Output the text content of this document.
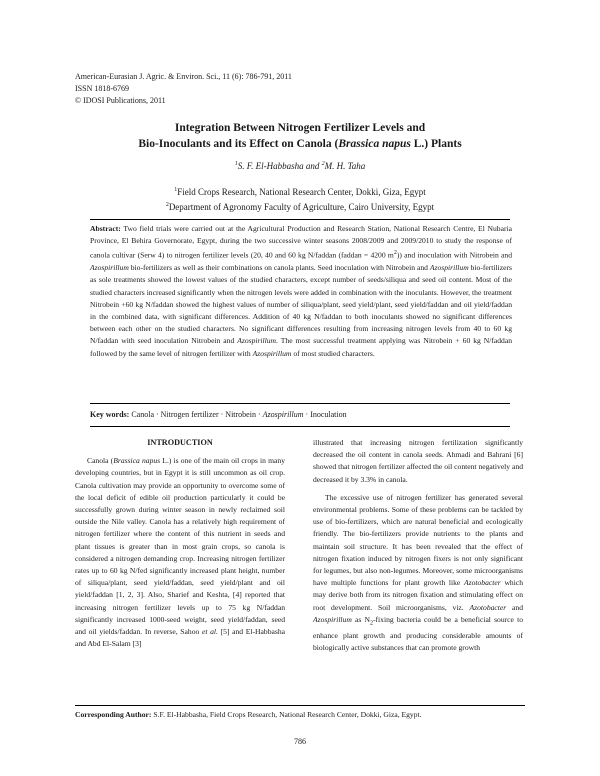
American-Eurasian J. Agric. & Environ. Sci., 11 (6): 786-791, 2011
ISSN 1818-6769
© IDOSI Publications, 2011
Integration Between Nitrogen Fertilizer Levels and
Bio-Inoculants and its Effect on Canola (Brassica napus L.) Plants
$^1$S. F. El-Habbasha and $^2$M. H. Taha
$^1$Field Crops Research, National Research Center, Dokki, Giza, Egypt
$^2$Department of Agronomy Faculty of Agriculture, Cairo University, Egypt
Abstract: Two field trials were carried out at the Agricultural Production and Research Station, National Research Centre, El Nubaria Province, El Behira Governorate, Egypt, during the two successive winter seasons 2008/2009 and 2009/2010 to study the response of canola cultivar (Serw 4) to nitrogen fertilizer levels (20, 40 and 60 kg N/faddan (faddan = 4200 $m^2$)) and inoculation with Nitrobein and Azospirillum bio-fertilizers as well as their combinations on canola plants. Seed inoculation with Nitrobein and Azospirillum bio-fertilizers as sole treatments showed the lowest values of the studied characters, except number of seeds/siliqua and seed oil content. Most of the studied characters increased significantly when the nitrogen levels were added in combination with the inoculants. However, the treatment Nitrobein +60 kg N/faddan showed the highest values of number of siliqua/plant, seed yield/plant, seed yield/faddan and oil yield/faddan in the combined data, with significant differences. Addition of 40 kg N/faddan to both inoculants showed no significant differences between each other on the studied characters. No significant differences resulting from increasing nitrogen levels from 40 to 60 kg N/faddan with seed inoculation Nitrobein and Azospirillum. The most successful treatment applying was Nitrobein + 60 kg N/faddan followed by the same level of nitrogen fertilizer with Azospirillum of most studied characters.
Key words: Canola · Nitrogen fertilizer · Nitrobein · Azospirillum · Inoculation

INTRODUCTION

Canola (Brassica napus L.) is one of the main oil crops in many developing countries, but in Egypt it is still uncommon as oil crop. Canola cultivation may provide an opportunity to overcome some of the local deficit of edible oil production particularly it could be successfully grown during winter season in newly reclaimed soil outside the Nile valley. Canola has a relatively high requirement of nitrogen fertilizer where the content of this nutrient in seeds and plant tissues is greater than in most grain crops, so canola is considered a nitrogen demanding crop. Increasing nitrogen fertilizer rates up to 60 kg N/fed significantly increased plant height, number of siliqua/plant, seed yield/faddan, seed yield/plant and oil yield/faddan [1, 2, 3]. Also, Sharief and Keshta, [4] reported that increasing nitrogen fertilizer levels up to 75 kg N/faddan significantly increased 1000-seed weight, seed yield/faddan, seed and oil yields/faddan. In reverse, Sahoo et al. [5] and El-Habbasha and Abd El-Salam [3]

illustrated that increasing nitrogen fertilization significantly decreased the oil content in canola seeds. Ahmadi and Bahrani [6] showed that nitrogen fertilizer affected the oil content negatively and decreased it by 3.3% in canola.

The excessive use of nitrogen fertilizer has generated several environmental problems. Some of these problems can be tackled by use of bio-fertilizers, which are natural beneficial and ecologically friendly. The bio-fertilizers provide nutrients to the plants and maintain soil structure. It has been revealed that the effect of nitrogen fixation induced by nitrogen fixers is not only significant for legumes, but also non-legumes. Moreover, some microorganisms have multiple functions for plant growth like Azotobacter which may derive both from its nitrogen fixation and stimulating effect on root development. Soil microorganisms, viz. Azotobacter and Azospirillum as $N_2$-fixing bacteria could be a beneficial source to enhance plant growth and producing considerable amounts of biologically active substances that can promote growth

Corresponding Author: S.F. El-Habbasha, Field Crops Research, National Research Center, Dokki, Giza, Egypt.
786
